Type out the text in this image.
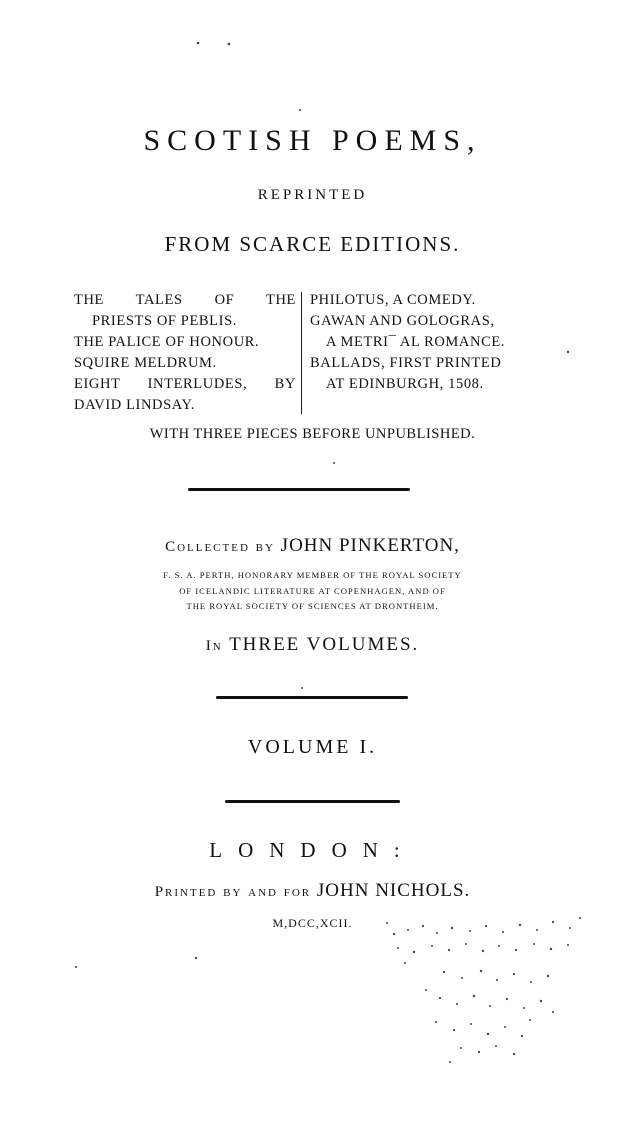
SCOTISH POEMS,
REPRINTED
FROM SCARCE EDITIONS.
THE TALES OF THE
PRIESTS OF PEBLIS.
THE PALICE OF HONOUR.
SQUIRE MELDRUM.
EIGHT INTERLUDES, BY
DAVID LINDSAY.
PHILOTUS, A COMEDY.
GAWAN AND GOLOGRAS,
A METRI¯ AL ROMANCE.
BALLADS, FIRST PRINTED
AT EDINBURGH, 1508.
WITH THREE PIECES BEFORE UNPUBLISHED.
Collected by JOHN PINKERTON,
F. S. A. PERTH, HONORARY MEMBER OF THE ROYAL SOCIETY
OF ICELANDIC LITERATURE AT COPENHAGEN, AND OF
THE ROYAL SOCIETY OF SCIENCES AT DRONTHEIM.
In THREE VOLUMES.
VOLUME I.
LONDON:
Printed by and for JOHN NICHOLS.
M,DCC,XCII.
